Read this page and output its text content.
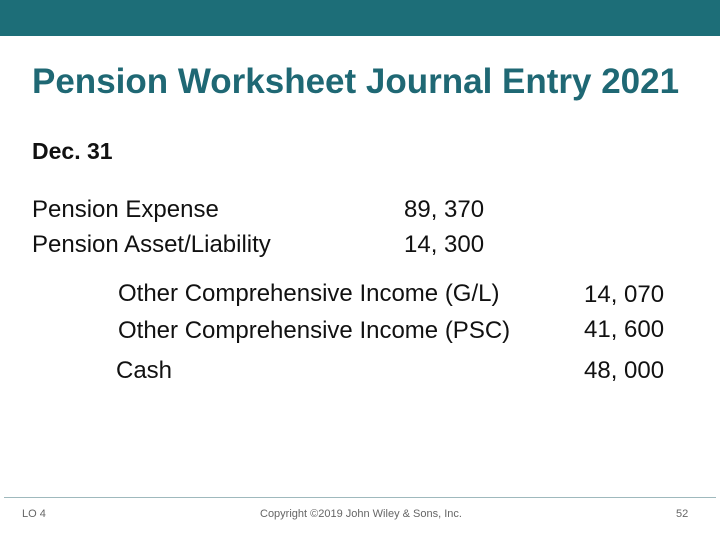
Pension Worksheet Journal Entry 2021
Dec. 31
Pension Expense	89, 370
Pension Asset/Liability	14, 300
Other Comprehensive Income (G/L)	14, 070
Other Comprehensive Income (PSC)	41, 600
Cash	48, 000
LO 4	Copyright ©2019 John Wiley & Sons, Inc.	52
